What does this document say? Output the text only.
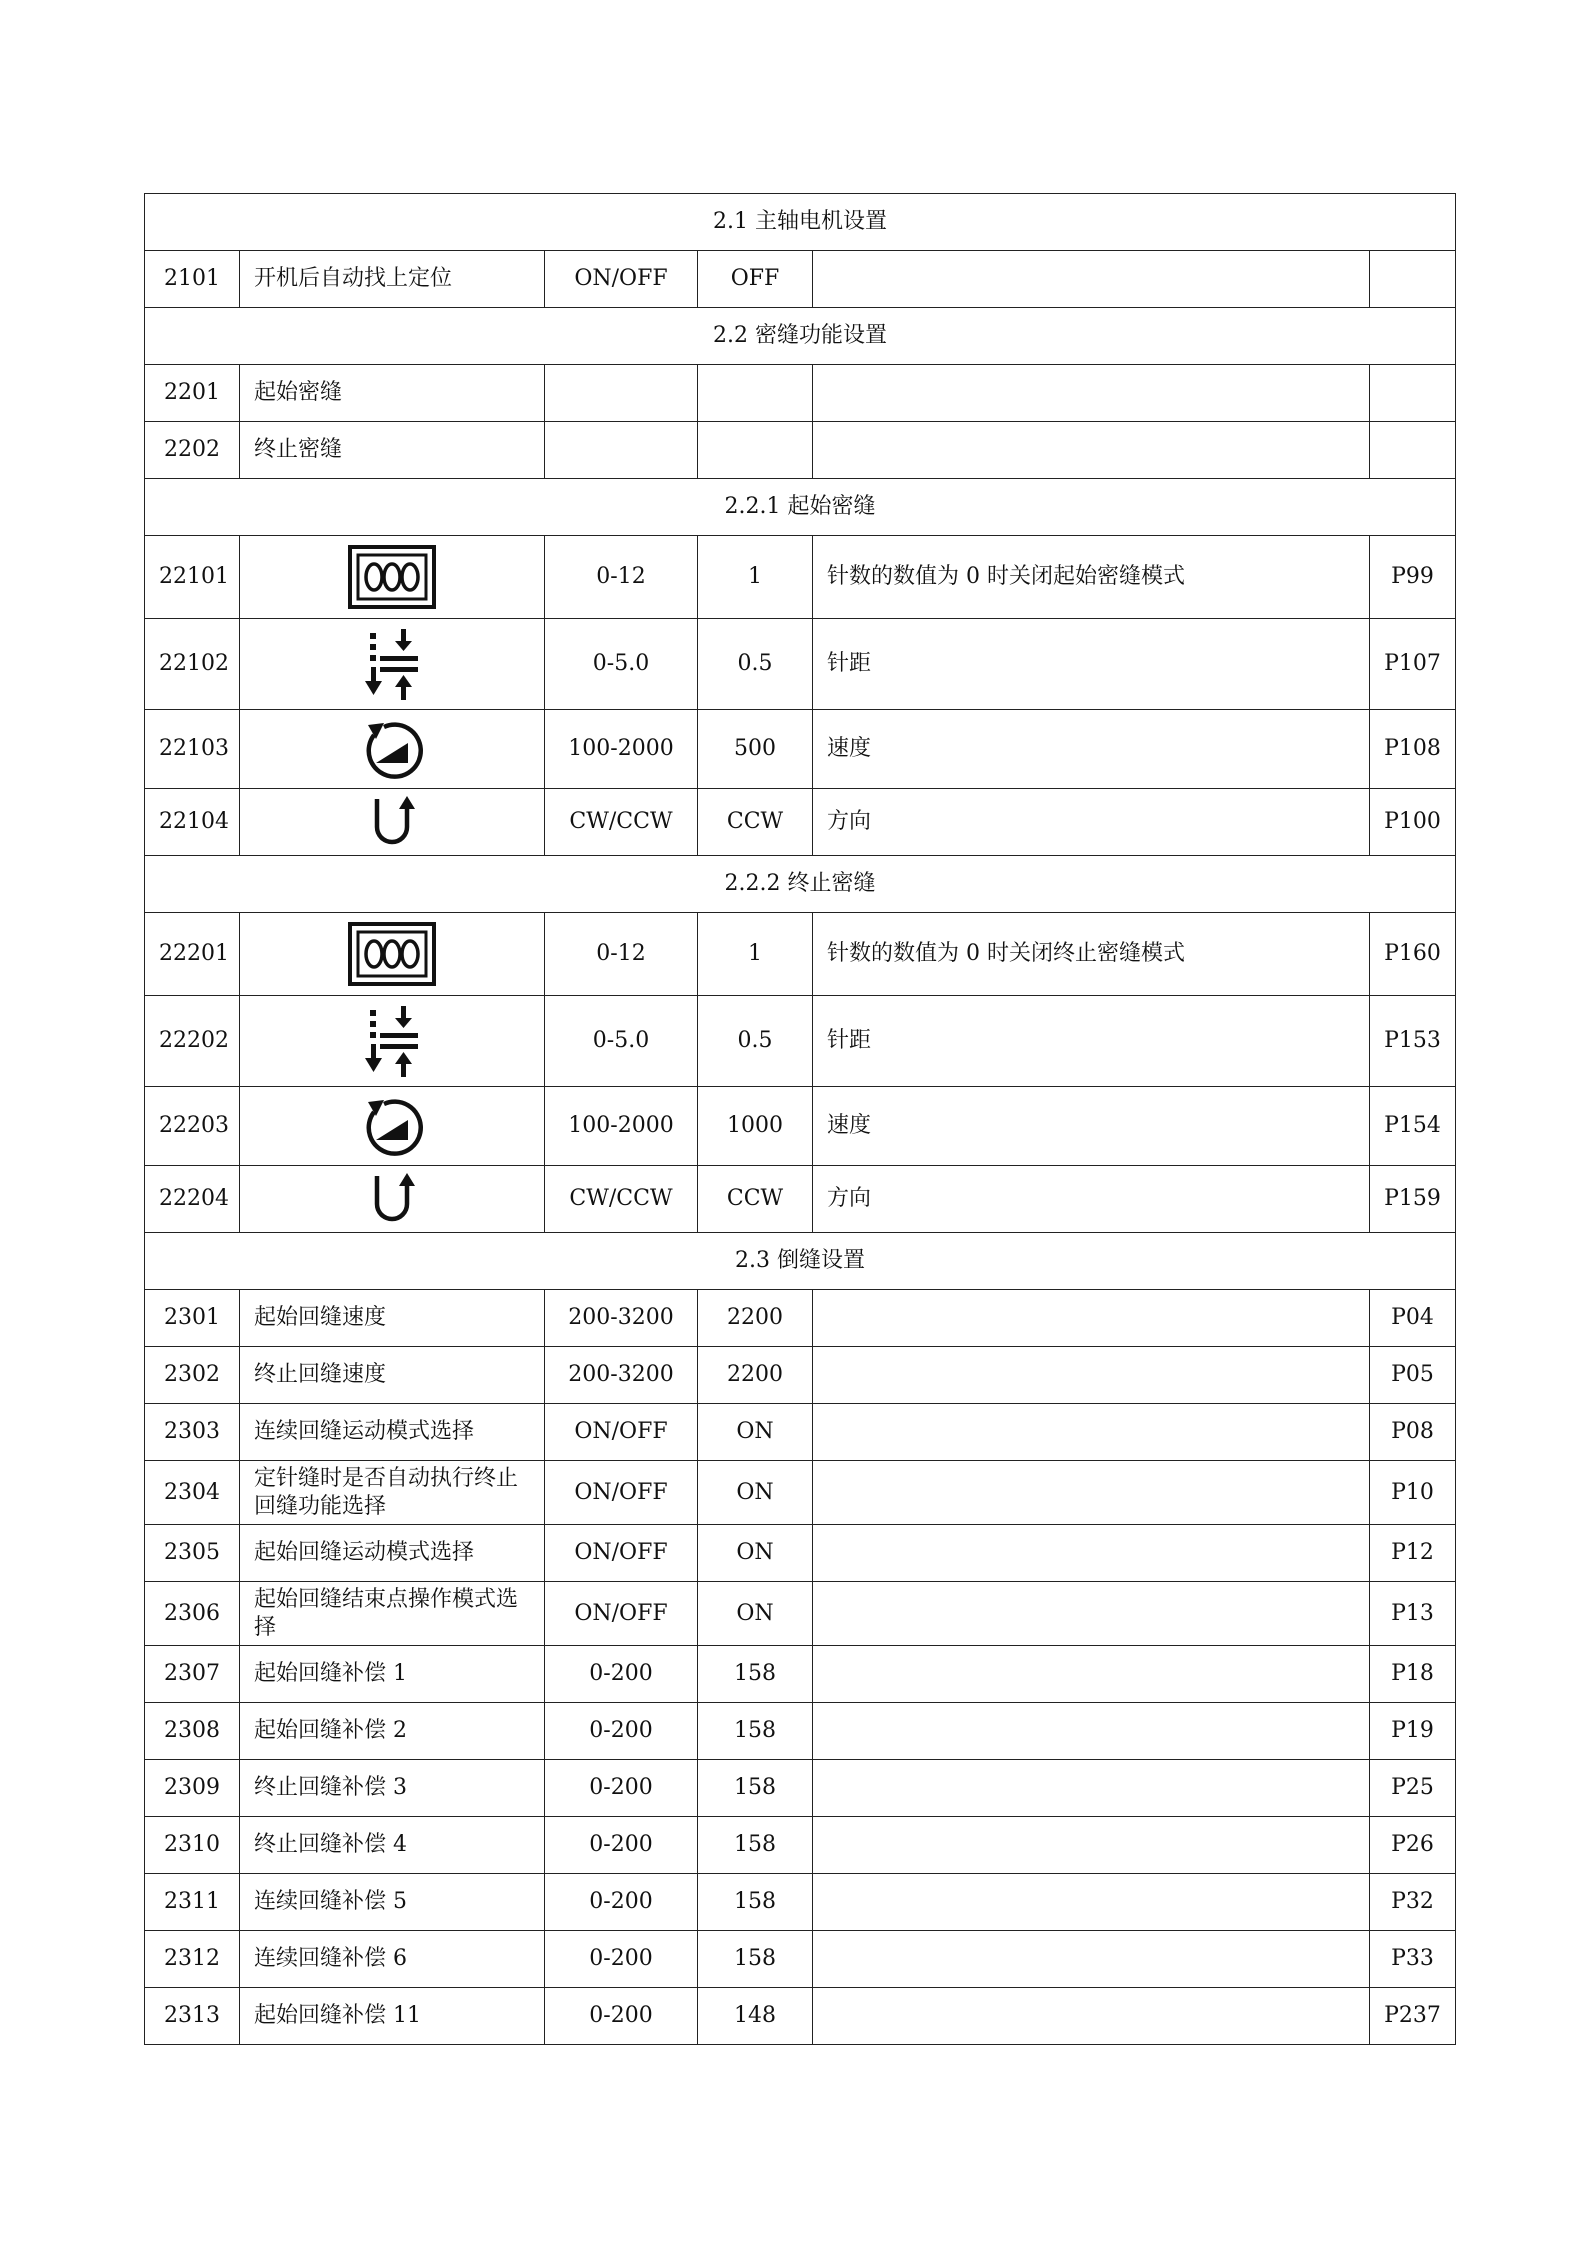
2.1 主轴电机设置					
2101	开机后自动找上定位	ON/OFF	OFF		
2.2 密缝功能设置					
2201	起始密缝				
2202	终止密缝				
2.2.1 起始密缝					
22101		0-12	1	针数的数值为 0 时关闭起始密缝模式	P99
22102		0-5.0	0.5	针距	P107
22103		100-2000	500	速度	P108
22104		CW/CCW	CCW	方向	P100
2.2.2 终止密缝					
22201		0-12	1	针数的数值为 0 时关闭终止密缝模式	P160
22202		0-5.0	0.5	针距	P153
22203		100-2000	1000	速度	P154
22204		CW/CCW	CCW	方向	P159
2.3 倒缝设置					
2301	起始回缝速度	200-3200	2200		P04
2302	终止回缝速度	200-3200	2200		P05
2303	连续回缝运动模式选择	ON/OFF	ON		P08
2304	定针缝时是否自动执行终止回缝功能选择	ON/OFF	ON		P10
2305	起始回缝运动模式选择	ON/OFF	ON		P12
2306	起始回缝结束点操作模式选择	ON/OFF	ON		P13
2307	起始回缝补偿 1	0-200	158		P18
2308	起始回缝补偿 2	0-200	158		P19
2309	终止回缝补偿 3	0-200	158		P25
2310	终止回缝补偿 4	0-200	158		P26
2311	连续回缝补偿 5	0-200	158		P32
2312	连续回缝补偿 6	0-200	158		P33
2313	起始回缝补偿 11	0-200	148		P237
